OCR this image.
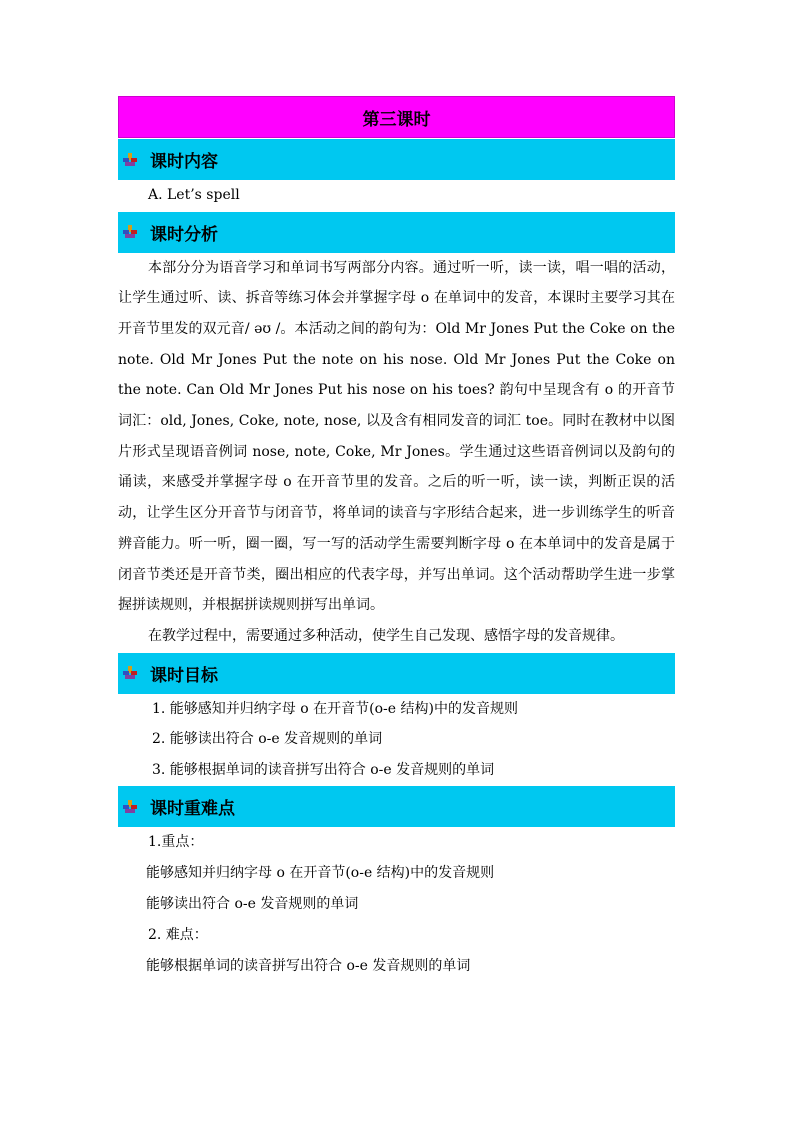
第三课时
课时内容
A. Let’s spell
课时分析

本部分分为语音学习和单词书写两部分内容。通过听一听，读一读，唱一唱的活动，让学生通过听、读、拆音等练习体会并掌握字母 o 在单词中的发音，本课时主要学习其在开音节里发的双元音/ əʊ /。本活动之间的韵句为：Old Mr Jones Put the Coke on the note. Old Mr Jones Put the note on his nose. Old Mr Jones Put the Coke on the note. Can Old Mr Jones Put his nose on his toes? 韵句中呈现含有 o 的开音节词汇：old, Jones, Coke, note, nose, 以及含有相同发音的词汇 toe。同时在教材中以图片形式呈现语音例词 nose, note, Coke, Mr Jones。学生通过这些语音例词以及韵句的诵读，来感受并掌握字母 o 在开音节里的发音。之后的听一听，读一读，判断正误的活动，让学生区分开音节与闭音节，将单词的读音与字形结合起来，进一步训练学生的听音辨音能力。听一听，圈一圈，写一写的活动学生需要判断字母 o 在本单词中的发音是属于闭音节类还是开音节类，圈出相应的代表字母，并写出单词。这个活动帮助学生进一步掌握拼读规则，并根据拼读规则拼写出单词。

在教学过程中，需要通过多种活动，使学生自己发现、感悟字母的发音规律。

课时目标
1. 能够感知并归纳字母 o 在开音节(o-e 结构)中的发音规则
2. 能够读出符合 o-e 发音规则的单词
3. 能够根据单词的读音拼写出符合 o-e 发音规则的单词
课时重难点
1.重点：
能够感知并归纳字母 o 在开音节(o-e 结构)中的发音规则
能够读出符合 o-e 发音规则的单词
2. 难点：
能够根据单词的读音拼写出符合 o-e 发音规则的单词
